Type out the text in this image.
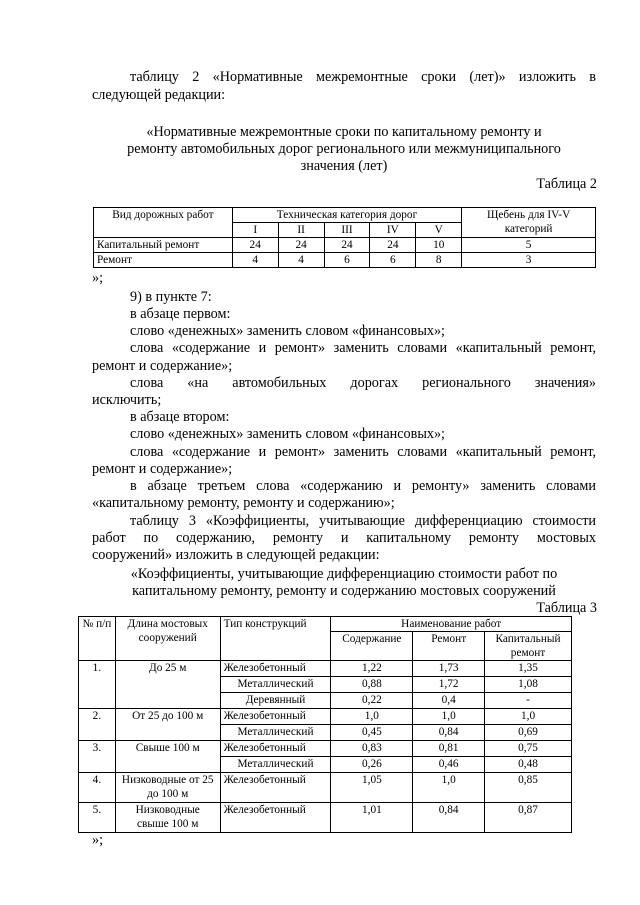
таблицу 2 «Нормативные межремонтные сроки (лет)» изложить в

следующей редакции:

«Нормативные межремонтные сроки по капитальному ремонту и

ремонту автомобильных дорог регионального или межмуниципального

значения (лет)

Таблица 2

Вид дорожных работ	Техническая категория дорог					Щебень для IV-V категорий
	I	II	III	IV	V	
Капитальный ремонт	24	24	24	24	10	5
Ремонт	4	4	6	6	8	3

»;

9) в пункте 7:

в абзаце первом:

слово «денежных» заменить словом «финансовых»;

слова «содержание и ремонт» заменить словами «капитальный ремонт,

ремонт и содержание»;

слова «на автомобильных дорогах регионального значения»

исключить;

в абзаце втором:

слово «денежных» заменить словом «финансовых»;

слова «содержание и ремонт» заменить словами «капитальный ремонт,

ремонт и содержание»;

в абзаце третьем слова «содержанию и ремонту» заменить словами

«капитальному ремонту, ремонту и содержанию»;

таблицу 3 «Коэффициенты, учитывающие дифференциацию стоимости

работ по содержанию, ремонту и капитальному ремонту мостовых

сооружений» изложить в следующей редакции:

«Коэффициенты, учитывающие дифференциацию стоимости работ по

капитальному ремонту, ремонту и содержанию мостовых сооружений

Таблица 3

№ п/п	Длина мостовых сооружений	Тип конструкций	Наименование работ		
			Содержание	Ремонт	Капитальный ремонт
1.	До 25 м	Железобетонный	1,22	1,73	1,35
		Металлический	0,88	1,72	1,08
		Деревянный	0,22	0,4	-
2.	От 25 до 100 м	Железобетонный	1,0	1,0	1,0
		Металлический	0,45	0,84	0,69
3.	Свыше 100 м	Железобетонный	0,83	0,81	0,75
		Металлический	0,26	0,46	0,48
4.	Низководные от 25 до 100 м	Железобетонный	1,05	1,0	0,85
5.	Низководные свыше 100 м	Железобетонный	1,01	0,84	0,87

»;
